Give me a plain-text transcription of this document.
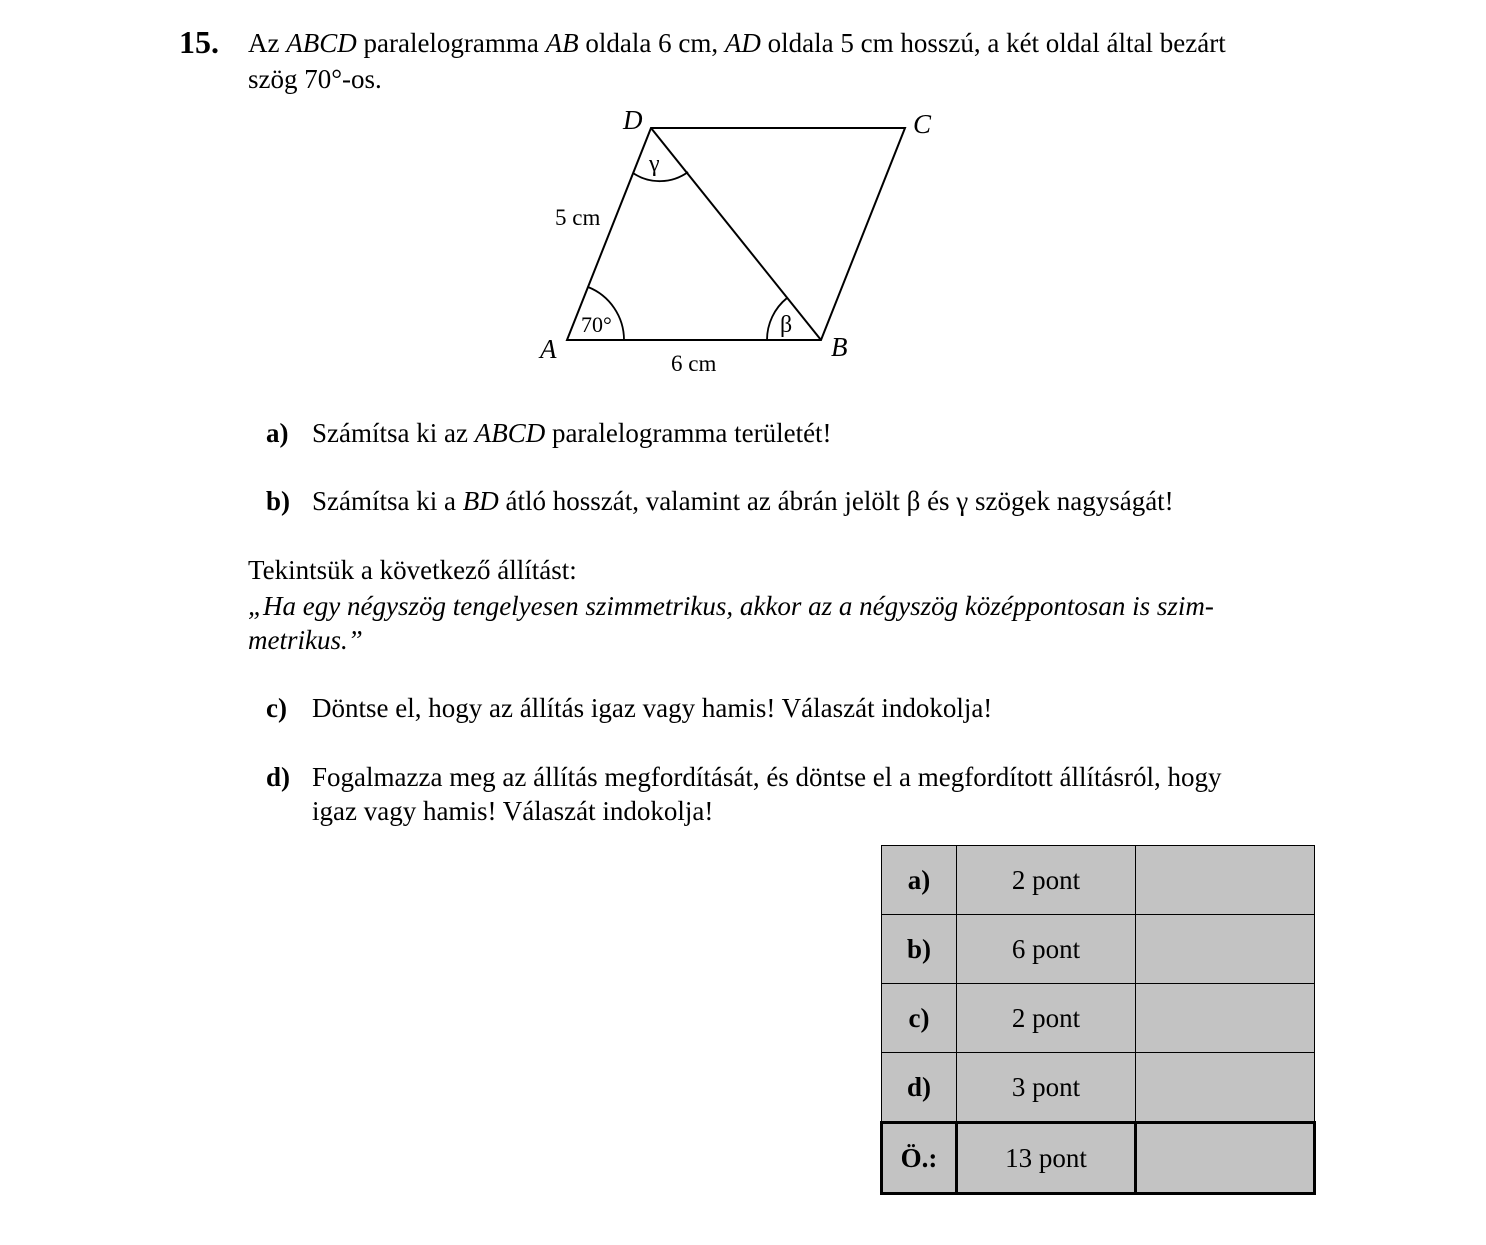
15. Az ABCD paralelogramma AB oldala 6 cm, AD oldala 5 cm hosszú, a két oldal által bezárt
szög 70°-os.
A	B
C
D
5 cm
6 cm
70°	β
γ
a) Számítsa ki az ABCD paralelogramma területét!
b) Számítsa ki a BD átló hosszát, valamint az ábrán jelölt β és γ szögek nagyságát!
Tekintsük a következő állítást:
„Ha egy négyszög tengelyesen szimmetrikus, akkor az a négyszög középpontosan is szim-
metrikus.”
c) Döntse el, hogy az állítás igaz vagy hamis! Válaszát indokolja!
d) Fogalmazza meg az állítás megfordítását, és döntse el a megfordított állításról, hogy
igaz vagy hamis! Válaszát indokolja!
a)	2 pont	
b)	6 pont	
c)	2 pont	
d)	3 pont	
Ö.:	13 pont	
